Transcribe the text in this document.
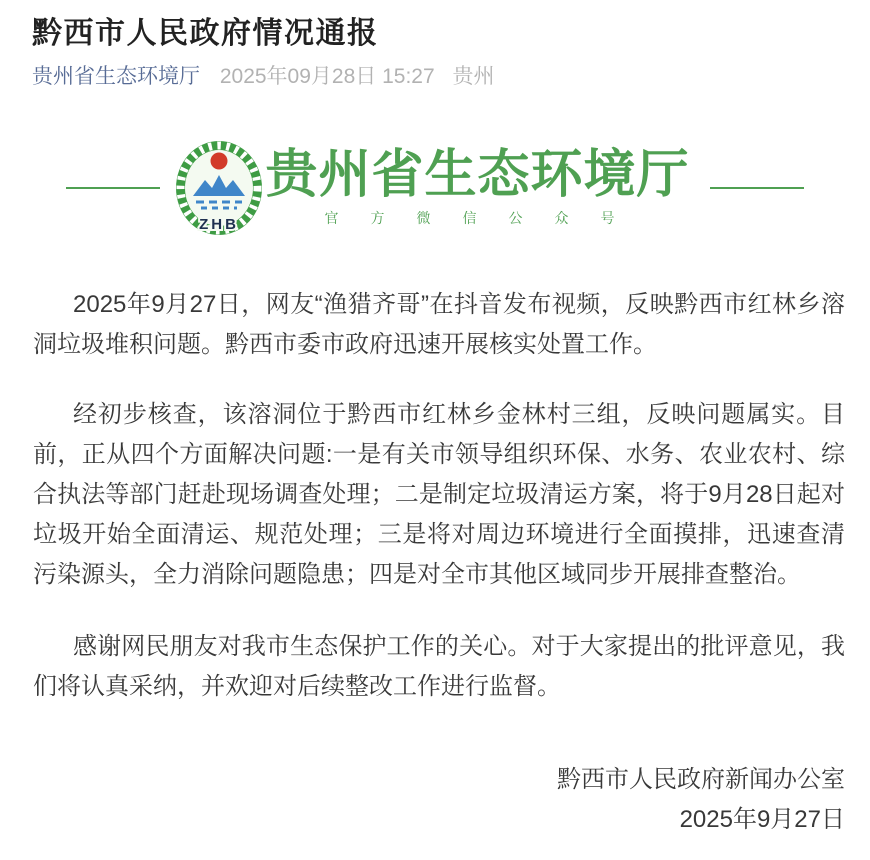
黔西市人民政府情况通报
贵州省生态环境厅 2025年09月28日 15:27 贵州
ZHB
贵州省生态环境厅
官方微信公众号

2025年9月27日，网友“渔猎齐哥”在抖音发布视频，反映黔西市红林乡溶洞垃圾堆积问题。黔西市委市政府迅速开展核实处置工作。

经初步核查，该溶洞位于黔西市红林乡金林村三组，反映问题属实。目前，正从四个方面解决问题:一是有关市领导组织环保、水务、农业农村、综合执法等部门赶赴现场调查处理；二是制定垃圾清运方案，将于9月28日起对垃圾开始全面清运、规范处理；三是将对周边环境进行全面摸排，迅速查清污染源头，全力消除问题隐患；四是对全市其他区域同步开展排查整治。

感谢网民朋友对我市生态保护工作的关心。对于大家提出的批评意见，我们将认真采纳，并欢迎对后续整改工作进行监督。

黔西市人民政府新闻办公室
2025年9月27日
